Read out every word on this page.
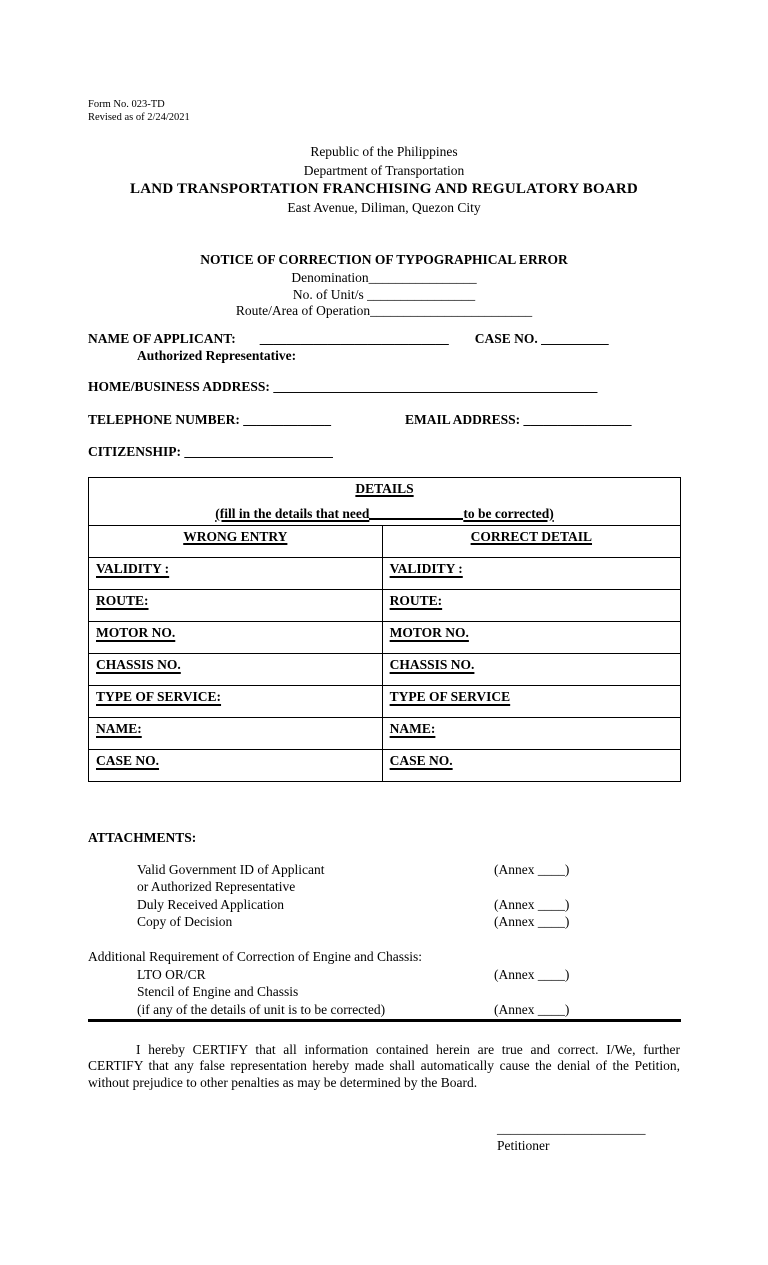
Form No. 023-TD
Revised as of 2/24/2021
Republic of the Philippines
Department of Transportation
LAND TRANSPORTATION FRANCHISING AND REGULATORY BOARD
East Avenue, Diliman, Quezon City
NOTICE OF CORRECTION OF TYPOGRAPHICAL ERROR
Denomination________________
No. of Unit/s ________________
Route/Area of Operation________________________
NAME OF APPLICANT: ____________________________ CASE NO. __________
Authorized Representative:
HOME/BUSINESS ADDRESS: ________________________________________________
TELEPHONE NUMBER: _____________	EMAIL ADDRESS: ________________
CITIZENSHIP: ______________________
DETAILS
(fill in the details that need to be corrected)	

WRONG ENTRY	CORRECT DETAIL
VALIDITY :	VALIDITY :
ROUTE:	ROUTE:
MOTOR NO.	MOTOR NO.
CHASSIS NO.	CHASSIS NO.
TYPE OF SERVICE:	TYPE OF SERVICE
NAME:	NAME:
CASE NO.	CASE NO.
ATTACHMENTS:
Valid Government ID of Applicant	(Annex ____)
or Authorized Representative
Duly Received Application	(Annex ____)
Copy of Decision	(Annex ____)
Additional Requirement of Correction of Engine and Chassis:
LTO OR/CR	(Annex ____)
Stencil of Engine and Chassis
(if any of the details of unit is to be corrected)	(Annex ____)
I hereby CERTIFY that all information contained herein are true and correct. I/We, further CERTIFY that any false representation hereby made shall automatically cause the denial of the Petition, without prejudice to other penalties as may be determined by the Board.
______________________
Petitioner
